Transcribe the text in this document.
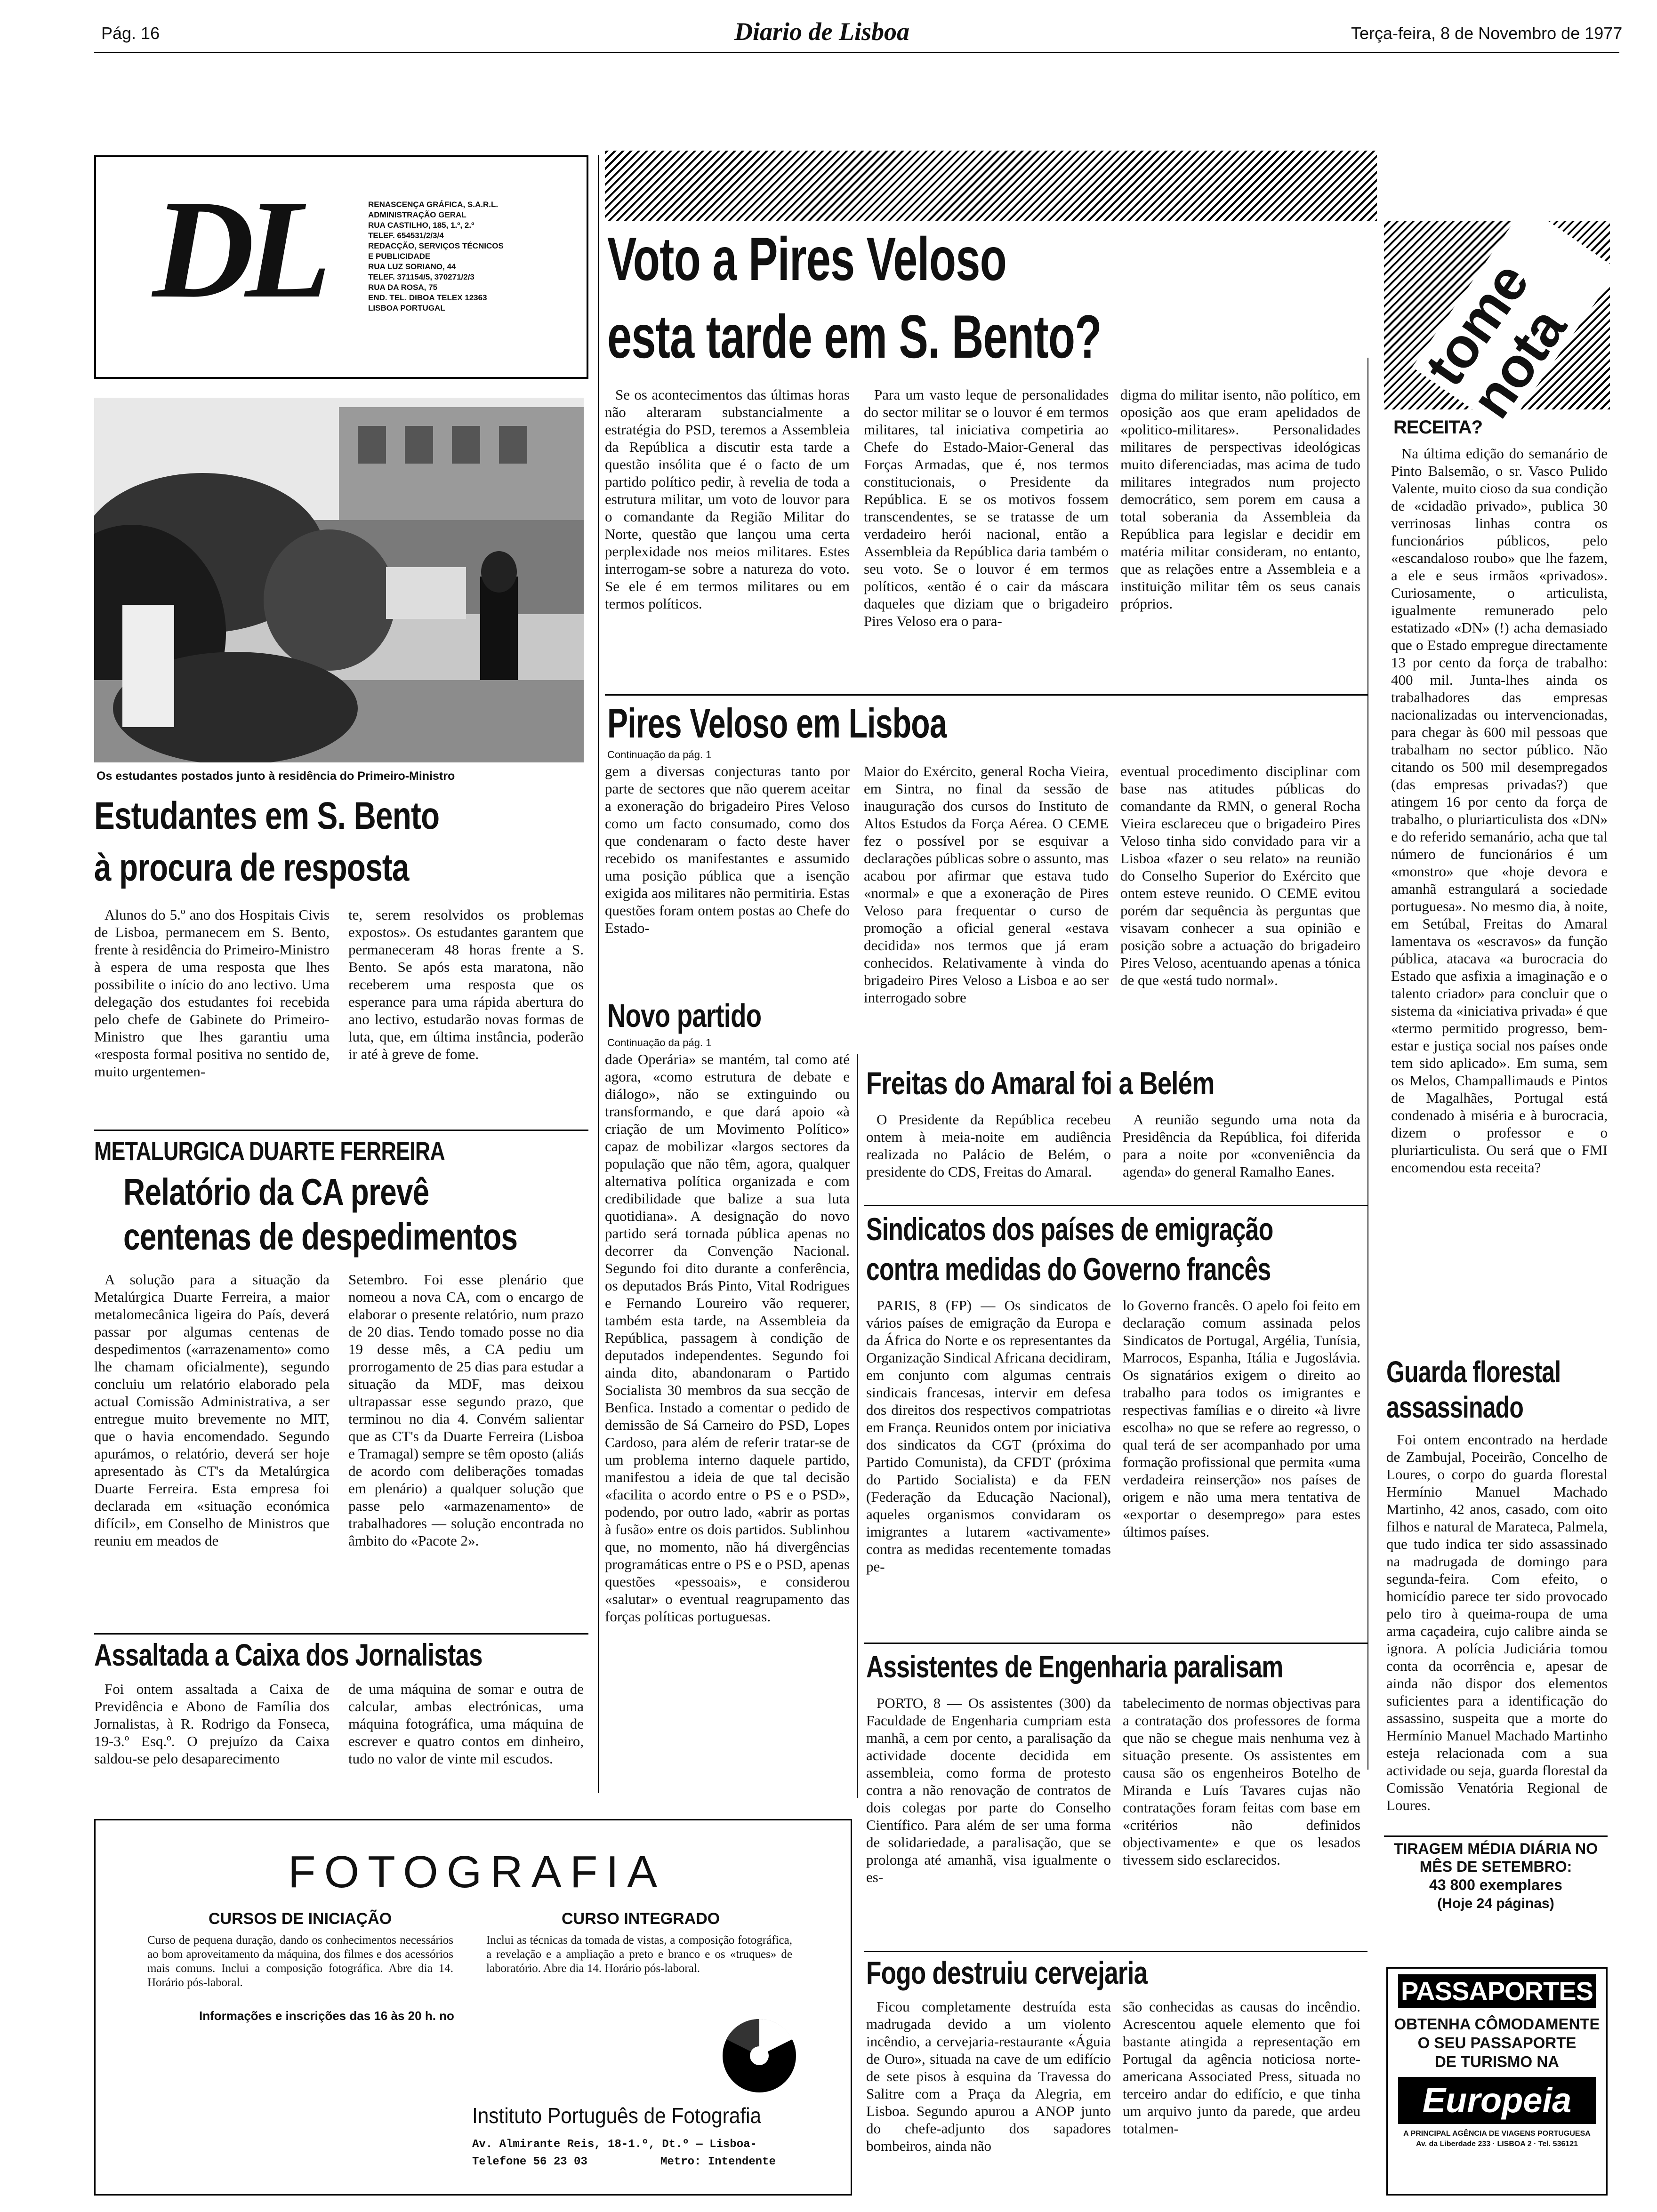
Pág. 16	Diario de Lisboa	Terça-feira, 8 de Novembro de 1977
DL	RENASCENÇA GRÁFICA, S.A.R.L.
ADMINISTRAÇÃO GERAL
RUA CASTILHO, 185, 1.º, 2.º
TELEF. 654531/2/3/4
REDACÇÃO, SERVIÇOS TÉCNICOS
E PUBLICIDADE
RUA LUZ SORIANO, 44
TELEF. 371154/5, 370271/2/3
RUA DA ROSA, 75
END. TEL. DIBOA TELEX 12363
LISBOA PORTUGAL
Os estudantes postados junto à residência do Primeiro-Ministro
Estudantes em S. Bento
à procura de resposta
Alunos do 5.º ano dos Hospitais Civis de Lisboa, permanecem em S. Bento, frente à residência do Primeiro-Ministro à espera de uma resposta que lhes possibilite o início do ano lectivo. Uma delegação dos estudantes foi recebida pelo chefe de Gabinete do Primeiro-Ministro que lhes garantiu uma «resposta formal positiva no sentido de, muito urgentemen-
te, serem resolvidos os problemas expostos». Os estudantes garantem que permaneceram 48 horas frente a S. Bento. Se após esta maratona, não receberem uma resposta que os esperance para uma rápida abertura do ano lectivo, estudarão novas formas de luta, que, em última instância, poderão ir até à greve de fome.
METALURGICA DUARTE FERREIRA
Relatório da CA prevê
centenas de despedimentos
A solução para a situação da Metalúrgica Duarte Ferreira, a maior metalomecânica ligeira do País, deverá passar por algumas centenas de despedimentos («arrazenamento» como lhe chamam oficialmente), segundo concluiu um relatório elaborado pela actual Comissão Administrativa, a ser entregue muito brevemente no MIT, que o havia encomendado. Segundo apurámos, o relatório, deverá ser hoje apresentado às CT's da Metalúrgica Duarte Ferreira. Esta empresa foi declarada em «situação económica difícil», em Conselho de Ministros que reuniu em meados de
Setembro. Foi esse plenário que nomeou a nova CA, com o encargo de elaborar o presente relatório, num prazo de 20 dias. Tendo tomado posse no dia 19 desse mês, a CA pediu um prorrogamento de 25 dias para estudar a situação da MDF, mas deixou ultrapassar esse segundo prazo, que terminou no dia 4. Convém salientar que as CT's da Duarte Ferreira (Lisboa e Tramagal) sempre se têm oposto (aliás de acordo com deliberações tomadas em plenário) a qualquer solução que passe pelo «armazenamento» de trabalhadores — solução encontrada no âmbito do «Pacote 2».
Assaltada a Caixa dos Jornalistas
Foi ontem assaltada a Caixa de Previdência e Abono de Família dos Jornalistas, à R. Rodrigo da Fonseca, 19-3.º Esq.º. O prejuízo da Caixa saldou-se pelo desaparecimento
de uma máquina de somar e outra de calcular, ambas electrónicas, uma máquina fotográfica, uma máquina de escrever e quatro contos em dinheiro, tudo no valor de vinte mil escudos.
Voto a Pires Veloso
esta tarde em S. Bento?
Se os acontecimentos das últimas horas não alteraram substancialmente a estratégia do PSD, teremos a Assembleia da República a discutir esta tarde a questão insólita que é o facto de um partido político pedir, à revelia de toda a estrutura militar, um voto de louvor para o comandante da Região Militar do Norte, questão que lançou uma certa perplexidade nos meios militares. Estes interrogam-se sobre a natureza do voto. Se ele é em termos militares ou em termos políticos.
Para um vasto leque de personalidades do sector militar se o louvor é em termos militares, tal iniciativa competiria ao Chefe do Estado-Maior-General das Forças Armadas, que é, nos termos constitucionais, o Presidente da República. E se os motivos fossem transcendentes, se se tratasse de um verdadeiro herói nacional, então a Assembleia da República daria também o seu voto. Se o louvor é em termos políticos, «então é o cair da máscara daqueles que diziam que o brigadeiro Pires Veloso era o para-
digma do militar isento, não político, em oposição aos que eram apelidados de «politico-militares». Personalidades militares de perspectivas ideológicas muito diferenciadas, mas acima de tudo militares integrados num projecto democrático, sem porem em causa a total soberania da Assembleia da República para legislar e decidir em matéria militar consideram, no entanto, que as relações entre a Assembleia e a instituição militar têm os seus canais próprios.
Pires Veloso em Lisboa
Continuação da pág. 1
gem a diversas conjecturas tanto por parte de sectores que não querem aceitar a exoneração do brigadeiro Pires Veloso como um facto consumado, como dos que condenaram o facto deste haver recebido os manifestantes e assumido uma posição pública que a isenção exigida aos militares não permitiria. Estas questões foram ontem postas ao Chefe do Estado-
Maior do Exército, general Rocha Vieira, em Sintra, no final da sessão de inauguração dos cursos do Instituto de Altos Estudos da Força Aérea. O CEME fez o possível por se esquivar a declarações públicas sobre o assunto, mas acabou por afirmar que estava tudo «normal» e que a exoneração de Pires Veloso para frequentar o curso de promoção a oficial general «estava decidida» nos termos que já eram conhecidos. Relativamente à vinda do brigadeiro Pires Veloso a Lisboa e ao ser interrogado sobre
eventual procedimento disciplinar com base nas atitudes públicas do comandante da RMN, o general Rocha Vieira esclareceu que o brigadeiro Pires Veloso tinha sido convidado para vir a Lisboa «fazer o seu relato» na reunião do Conselho Superior do Exército que ontem esteve reunido. O CEME evitou porém dar sequência às perguntas que visavam conhecer a sua opinião e posição sobre a actuação do brigadeiro Pires Veloso, acentuando apenas a tónica de que «está tudo normal».
Novo partido
Continuação da pág. 1
dade Operária» se mantém, tal como até agora, «como estrutura de debate e diálogo», não se extinguindo ou transformando, e que dará apoio «à criação de um Movimento Político» capaz de mobilizar «largos sectores da população que não têm, agora, qualquer alternativa política organizada e com credibilidade que balize a sua luta quotidiana». A designação do novo partido será tornada pública apenas no decorrer da Convenção Nacional. Segundo foi dito durante a conferência, os deputados Brás Pinto, Vital Rodrigues e Fernando Loureiro vão requerer, também esta tarde, na Assembleia da República, passagem à condição de deputados independentes. Segundo foi ainda dito, abandonaram o Partido Socialista 30 membros da sua secção de Benfica. Instado a comentar o pedido de demissão de Sá Carneiro do PSD, Lopes Cardoso, para além de referir tratar-se de um problema interno daquele partido, manifestou a ideia de que tal decisão «facilita o acordo entre o PS e o PSD», podendo, por outro lado, «abrir as portas à fusão» entre os dois partidos. Sublinhou que, no momento, não há divergências programáticas entre o PS e o PSD, apenas questões «pessoais», e considerou «salutar» o eventual reagrupamento das forças políticas portuguesas.
Freitas do Amaral foi a Belém
O Presidente da República recebeu ontem à meia-noite em audiência realizada no Palácio de Belém, o presidente do CDS, Freitas do Amaral.
A reunião segundo uma nota da Presidência da República, foi diferida para a noite por «conveniência da agenda» do general Ramalho Eanes.
Sindicatos dos países de emigração
contra medidas do Governo francês
PARIS, 8 (FP) — Os sindicatos de vários países de emigração da Europa e da África do Norte e os representantes da Organização Sindical Africana decidiram, em conjunto com algumas centrais sindicais francesas, intervir em defesa dos direitos dos respectivos compatriotas em França. Reunidos ontem por iniciativa dos sindicatos da CGT (próxima do Partido Comunista), da CFDT (próxima do Partido Socialista) e da FEN (Federação da Educação Nacional), aqueles organismos convidaram os imigrantes a lutarem «activamente» contra as medidas recentemente tomadas pe-
lo Governo francês. O apelo foi feito em declaração comum assinada pelos Sindicatos de Portugal, Argélia, Tunísia, Marrocos, Espanha, Itália e Jugoslávia. Os signatários exigem o direito ao trabalho para todos os imigrantes e respectivas famílias e o direito «à livre escolha» no que se refere ao regresso, o qual terá de ser acompanhado por uma formação profissional que permita «uma verdadeira reinserção» nos países de origem e não uma mera tentativa de «exportar o desemprego» para estes últimos países.
Assistentes de Engenharia paralisam
PORTO, 8 — Os assistentes (300) da Faculdade de Engenharia cumpriam esta manhã, a cem por cento, a paralisação da actividade docente decidida em assembleia, como forma de protesto contra a não renovação de contratos de dois colegas por parte do Conselho Científico. Para além de ser uma forma de solidariedade, a paralisação, que se prolonga até amanhã, visa igualmente o es-
tabelecimento de normas objectivas para a contratação dos professores de forma que não se chegue mais nenhuma vez à situação presente. Os assistentes em causa são os engenheiros Botelho de Miranda e Luís Tavares cujas não contratações foram feitas com base em «critérios não definidos objectivamente» e que os lesados tivessem sido esclarecidos.
Fogo destruiu cervejaria
Ficou completamente destruída esta madrugada devido a um violento incêndio, a cervejaria-restaurante «Águia de Ouro», situada na cave de um edifício de sete pisos à esquina da Travessa do Salitre com a Praça da Alegria, em Lisboa. Segundo apurou a ANOP junto do chefe-adjunto dos sapadores bombeiros, ainda não
são conhecidas as causas do incêndio. Acrescentou aquele elemento que foi bastante atingida a representação em Portugal da agência noticiosa norte-americana Associated Press, situada no terceiro andar do edifício, e que tinha um arquivo junto da parede, que ardeu totalmen-
tome nota
RECEITA?
Na última edição do semanário de Pinto Balsemão, o sr. Vasco Pulido Valente, muito cioso da sua condição de «cidadão privado», publica 30 verrinosas linhas contra os funcionários públicos, pelo «escandaloso roubo» que lhe fazem, a ele e seus irmãos «privados». Curiosamente, o articulista, igualmente remunerado pelo estatizado «DN» (!) acha demasiado que o Estado empregue directamente 13 por cento da força de trabalho: 400 mil. Junta-lhes ainda os trabalhadores das empresas nacionalizadas ou intervencionadas, para chegar às 600 mil pessoas que trabalham no sector público. Não citando os 500 mil desempregados (das empresas privadas?) que atingem 16 por cento da força de trabalho, o pluriarticulista dos «DN» e do referido semanário, acha que tal número de funcionários é um «monstro» que «hoje devora e amanhã estrangulará a sociedade portuguesa». No mesmo dia, à noite, em Setúbal, Freitas do Amaral lamentava os «escravos» da função pública, atacava «a burocracia do Estado que asfixia a imaginação e o talento criador» para concluir que o sistema da «iniciativa privada» é que «termo permitido progresso, bem-estar e justiça social nos países onde tem sido aplicado». Em suma, sem os Melos, Champallimauds e Pintos de Magalhães, Portugal está condenado à miséria e à burocracia, dizem o professor e o pluriarticulista. Ou será que o FMI encomendou esta receita?
Guarda florestal
assassinado
Foi ontem encontrado na herdade de Zambujal, Poceirão, Concelho de Loures, o corpo do guarda florestal Hermínio Manuel Machado Martinho, 42 anos, casado, com oito filhos e natural de Marateca, Palmela, que tudo indica ter sido assassinado na madrugada de domingo para segunda-feira. Com efeito, o homicídio parece ter sido provocado pelo tiro à queima-roupa de uma arma caçadeira, cujo calibre ainda se ignora. A polícia Judiciária tomou conta da ocorrência e, apesar de ainda não dispor dos elementos suficientes para a identificação do assassino, suspeita que a morte do Hermínio Manuel Machado Martinho esteja relacionada com a sua actividade ou seja, guarda florestal da Comissão Venatória Regional de Loures.
TIRAGEM MÉDIA DIÁRIA NO
MÊS DE SETEMBRO:
43 800 exemplares
(Hoje 24 páginas)
PASSAPORTES
OBTENHA CÔMODAMENTE
O SEU PASSAPORTE
DE TURISMO NA
Europeia
A PRINCIPAL AGÊNCIA DE VIAGENS PORTUGUESA
Av. da Liberdade 233 · LISBOA 2 · Tel. 536121
FOTOGRAFIA
CURSOS DE INICIAÇÃO
Curso de pequena duração, dando os conhecimentos necessários ao bom aproveitamento da máquina, dos filmes e dos acessórios mais comuns. Inclui a composição fotográfica. Abre dia 14. Horário pós-laboral.
CURSO INTEGRADO
Inclui as técnicas da tomada de vistas, a composição fotográfica, a revelação e a ampliação a preto e branco e os «truques» de laboratório. Abre dia 14. Horário pós-laboral.
Informações e inscrições das 16 às 20 h. no
Instituto Português de Fotografia
Av. Almirante Reis, 18-1.º, Dt.º — Lisboa-
Telefone 56 23 03	Metro: Intendente
